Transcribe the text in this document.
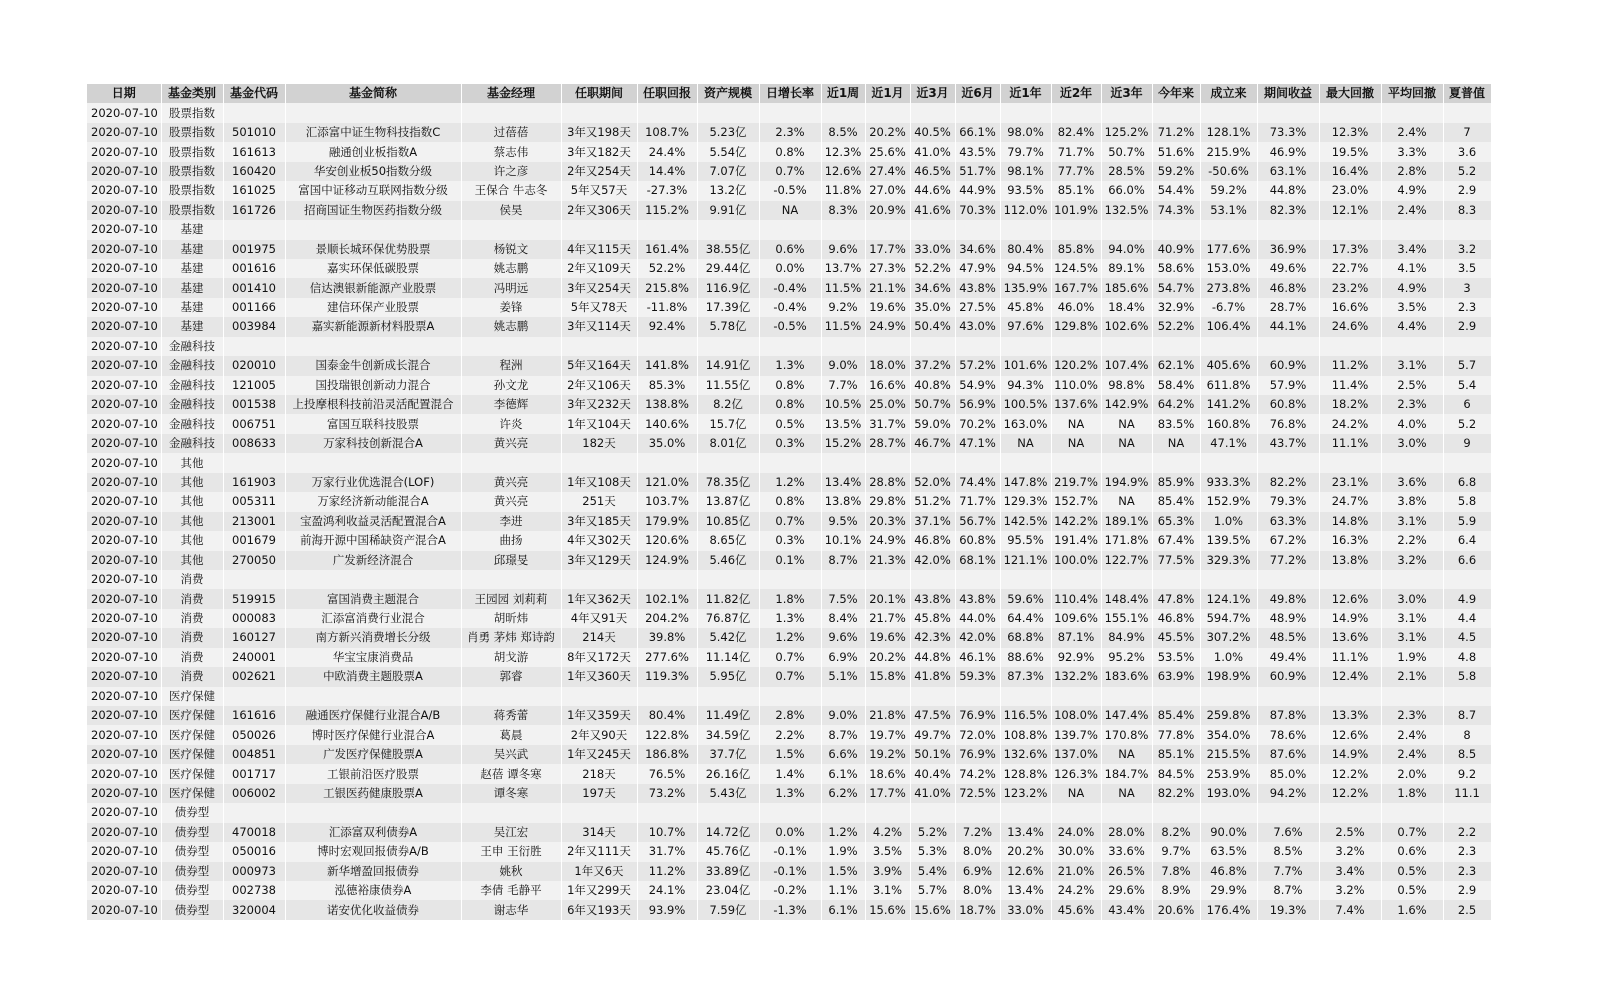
日期	基金类别	基金代码	基金简称	基金经理	任职期间	任职回报	资产规模	日增长率	近1周	近1月	近3月	近6月	近1年	近2年	近3年	今年来	成立来	期间收益	最大回撤	平均回撤	夏普值
2020-07-10	股票指数																				
2020-07-10	股票指数	501010	汇添富中证生物科技指数C	过蓓蓓	3年又198天	108.7%	5.23亿	2.3%	8.5%	20.2%	40.5%	66.1%	98.0%	82.4%	125.2%	71.2%	128.1%	73.3%	12.3%	2.4%	7
2020-07-10	股票指数	161613	融通创业板指数A	蔡志伟	3年又182天	24.4%	5.54亿	0.8%	12.3%	25.6%	41.0%	43.5%	79.7%	71.7%	50.7%	51.6%	215.9%	46.9%	19.5%	3.3%	3.6
2020-07-10	股票指数	160420	华安创业板50指数分级	许之彦	2年又254天	14.4%	7.07亿	0.7%	12.6%	27.4%	46.5%	51.7%	98.1%	77.7%	28.5%	59.2%	-50.6%	63.1%	16.4%	2.8%	5.2
2020-07-10	股票指数	161025	富国中证移动互联网指数分级	王保合 牛志冬	5年又57天	-27.3%	13.2亿	-0.5%	11.8%	27.0%	44.6%	44.9%	93.5%	85.1%	66.0%	54.4%	59.2%	44.8%	23.0%	4.9%	2.9
2020-07-10	股票指数	161726	招商国证生物医药指数分级	侯昊	2年又306天	115.2%	9.91亿	NA	8.3%	20.9%	41.6%	70.3%	112.0%	101.9%	132.5%	74.3%	53.1%	82.3%	12.1%	2.4%	8.3
2020-07-10	基建																				
2020-07-10	基建	001975	景顺长城环保优势股票	杨锐文	4年又115天	161.4%	38.55亿	0.6%	9.6%	17.7%	33.0%	34.6%	80.4%	85.8%	94.0%	40.9%	177.6%	36.9%	17.3%	3.4%	3.2
2020-07-10	基建	001616	嘉实环保低碳股票	姚志鹏	2年又109天	52.2%	29.44亿	0.0%	13.7%	27.3%	52.2%	47.9%	94.5%	124.5%	89.1%	58.6%	153.0%	49.6%	22.7%	4.1%	3.5
2020-07-10	基建	001410	信达澳银新能源产业股票	冯明远	3年又254天	215.8%	116.9亿	-0.4%	11.5%	21.1%	34.6%	43.8%	135.9%	167.7%	185.6%	54.7%	273.8%	46.8%	23.2%	4.9%	3
2020-07-10	基建	001166	建信环保产业股票	姜锋	5年又78天	-11.8%	17.39亿	-0.4%	9.2%	19.6%	35.0%	27.5%	45.8%	46.0%	18.4%	32.9%	-6.7%	28.7%	16.6%	3.5%	2.3
2020-07-10	基建	003984	嘉实新能源新材料股票A	姚志鹏	3年又114天	92.4%	5.78亿	-0.5%	11.5%	24.9%	50.4%	43.0%	97.6%	129.8%	102.6%	52.2%	106.4%	44.1%	24.6%	4.4%	2.9
2020-07-10	金融科技																				
2020-07-10	金融科技	020010	国泰金牛创新成长混合	程洲	5年又164天	141.8%	14.91亿	1.3%	9.0%	18.0%	37.2%	57.2%	101.6%	120.2%	107.4%	62.1%	405.6%	60.9%	11.2%	3.1%	5.7
2020-07-10	金融科技	121005	国投瑞银创新动力混合	孙文龙	2年又106天	85.3%	11.55亿	0.8%	7.7%	16.6%	40.8%	54.9%	94.3%	110.0%	98.8%	58.4%	611.8%	57.9%	11.4%	2.5%	5.4
2020-07-10	金融科技	001538	上投摩根科技前沿灵活配置混合	李德辉	3年又232天	138.8%	8.2亿	0.8%	10.5%	25.0%	50.7%	56.9%	100.5%	137.6%	142.9%	64.2%	141.2%	60.8%	18.2%	2.3%	6
2020-07-10	金融科技	006751	富国互联科技股票	许炎	1年又104天	140.6%	15.7亿	0.5%	13.5%	31.7%	59.0%	70.2%	163.0%	NA	NA	83.5%	160.8%	76.8%	24.2%	4.0%	5.2
2020-07-10	金融科技	008633	万家科技创新混合A	黄兴亮	182天	35.0%	8.01亿	0.3%	15.2%	28.7%	46.7%	47.1%	NA	NA	NA	NA	47.1%	43.7%	11.1%	3.0%	9
2020-07-10	其他																				
2020-07-10	其他	161903	万家行业优选混合(LOF)	黄兴亮	1年又108天	121.0%	78.35亿	1.2%	13.4%	28.8%	52.0%	74.4%	147.8%	219.7%	194.9%	85.9%	933.3%	82.2%	23.1%	3.6%	6.8
2020-07-10	其他	005311	万家经济新动能混合A	黄兴亮	251天	103.7%	13.87亿	0.8%	13.8%	29.8%	51.2%	71.7%	129.3%	152.7%	NA	85.4%	152.9%	79.3%	24.7%	3.8%	5.8
2020-07-10	其他	213001	宝盈鸿利收益灵活配置混合A	李进	3年又185天	179.9%	10.85亿	0.7%	9.5%	20.3%	37.1%	56.7%	142.5%	142.2%	189.1%	65.3%	1.0%	63.3%	14.8%	3.1%	5.9
2020-07-10	其他	001679	前海开源中国稀缺资产混合A	曲扬	4年又302天	120.6%	8.65亿	0.3%	10.1%	24.9%	46.8%	60.8%	95.5%	191.4%	171.8%	67.4%	139.5%	67.2%	16.3%	2.2%	6.4
2020-07-10	其他	270050	广发新经济混合	邱璟旻	3年又129天	124.9%	5.46亿	0.1%	8.7%	21.3%	42.0%	68.1%	121.1%	100.0%	122.7%	77.5%	329.3%	77.2%	13.8%	3.2%	6.6
2020-07-10	消费																				
2020-07-10	消费	519915	富国消费主题混合	王园园 刘莉莉	1年又362天	102.1%	11.82亿	1.8%	7.5%	20.1%	43.8%	43.8%	59.6%	110.4%	148.4%	47.8%	124.1%	49.8%	12.6%	3.0%	4.9
2020-07-10	消费	000083	汇添富消费行业混合	胡昕炜	4年又91天	204.2%	76.87亿	1.3%	8.4%	21.7%	45.8%	44.0%	64.4%	109.6%	155.1%	46.8%	594.7%	48.9%	14.9%	3.1%	4.4
2020-07-10	消费	160127	南方新兴消费增长分级	肖勇 茅炜 郑诗韵	214天	39.8%	5.42亿	1.2%	9.6%	19.6%	42.3%	42.0%	68.8%	87.1%	84.9%	45.5%	307.2%	48.5%	13.6%	3.1%	4.5
2020-07-10	消费	240001	华宝宝康消费品	胡戈游	8年又172天	277.6%	11.14亿	0.7%	6.9%	20.2%	44.8%	46.1%	88.6%	92.9%	95.2%	53.5%	1.0%	49.4%	11.1%	1.9%	4.8
2020-07-10	消费	002621	中欧消费主题股票A	郭睿	1年又360天	119.3%	5.95亿	0.7%	5.1%	15.8%	41.8%	59.3%	87.3%	132.2%	183.6%	63.9%	198.9%	60.9%	12.4%	2.1%	5.8
2020-07-10	医疗保健																				
2020-07-10	医疗保健	161616	融通医疗保健行业混合A/B	蒋秀蕾	1年又359天	80.4%	11.49亿	2.8%	9.0%	21.8%	47.5%	76.9%	116.5%	108.0%	147.4%	85.4%	259.8%	87.8%	13.3%	2.3%	8.7
2020-07-10	医疗保健	050026	博时医疗保健行业混合A	葛晨	2年又90天	122.8%	34.59亿	2.2%	8.7%	19.7%	49.7%	72.0%	108.8%	139.7%	170.8%	77.8%	354.0%	78.6%	12.6%	2.4%	8
2020-07-10	医疗保健	004851	广发医疗保健股票A	吴兴武	1年又245天	186.8%	37.7亿	1.5%	6.6%	19.2%	50.1%	76.9%	132.6%	137.0%	NA	85.1%	215.5%	87.6%	14.9%	2.4%	8.5
2020-07-10	医疗保健	001717	工银前沿医疗股票	赵蓓 谭冬寒	218天	76.5%	26.16亿	1.4%	6.1%	18.6%	40.4%	74.2%	128.8%	126.3%	184.7%	84.5%	253.9%	85.0%	12.2%	2.0%	9.2
2020-07-10	医疗保健	006002	工银医药健康股票A	谭冬寒	197天	73.2%	5.43亿	1.3%	6.2%	17.7%	41.0%	72.5%	123.2%	NA	NA	82.2%	193.0%	94.2%	12.2%	1.8%	11.1
2020-07-10	债券型																				
2020-07-10	债券型	470018	汇添富双利债券A	吴江宏	314天	10.7%	14.72亿	0.0%	1.2%	4.2%	5.2%	7.2%	13.4%	24.0%	28.0%	8.2%	90.0%	7.6%	2.5%	0.7%	2.2
2020-07-10	债券型	050016	博时宏观回报债券A/B	王申 王衍胜	2年又111天	31.7%	45.76亿	-0.1%	1.9%	3.5%	5.3%	8.0%	20.2%	30.0%	33.6%	9.7%	63.5%	8.5%	3.2%	0.6%	2.3
2020-07-10	债券型	000973	新华增盈回报债券	姚秋	1年又6天	11.2%	33.89亿	-0.1%	1.5%	3.9%	5.4%	6.9%	12.6%	21.0%	26.5%	7.8%	46.8%	7.7%	3.4%	0.5%	2.3
2020-07-10	债券型	002738	泓德裕康债券A	李倩 毛静平	1年又299天	24.1%	23.04亿	-0.2%	1.1%	3.1%	5.7%	8.0%	13.4%	24.2%	29.6%	8.9%	29.9%	8.7%	3.2%	0.5%	2.9
2020-07-10	债券型	320004	诺安优化收益债券	谢志华	6年又193天	93.9%	7.59亿	-1.3%	6.1%	15.6%	15.6%	18.7%	33.0%	45.6%	43.4%	20.6%	176.4%	19.3%	7.4%	1.6%	2.5
